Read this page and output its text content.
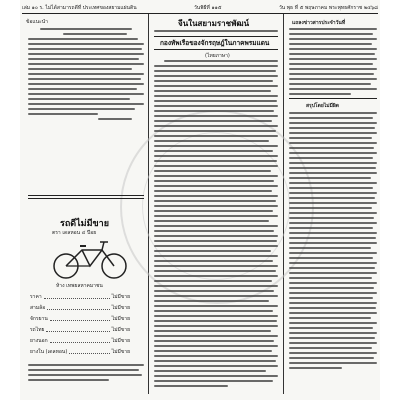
เล่ม ๑๐ ร. ไม่ได้สามารถดีที่ ประเทศของสยามแผ่นดิน	วันพิธีที่ ๑๑๕	วัน พุธ ที่ ๕ พฤษภาคม พระพุทธศักราช ๒๔๖๘
ข้อแนะนำ
รถดีไม่มีขาย
ตรา เดลหอน ๔ ปีอย
ห้าง เทพยลหาคมาชน
ราคา	ไม่มีขาย
สามล้อ	ไม่มีขาย
จักรยาน	ไม่มีขาย
รถไทย	ไม่มีขาย
ยางนอก	ไม่มีขาย
ยางใน (เดลหอน)	ไม่มีขาย
จีนในสยามราชพัฒน์
กองทัพเรือของจักรฤษฎ์ในภาคพรมแดน
(ไทยภาษา)
แถลงข่าวสารประจำวันที่
สรุปโดยไม่มีผิด
